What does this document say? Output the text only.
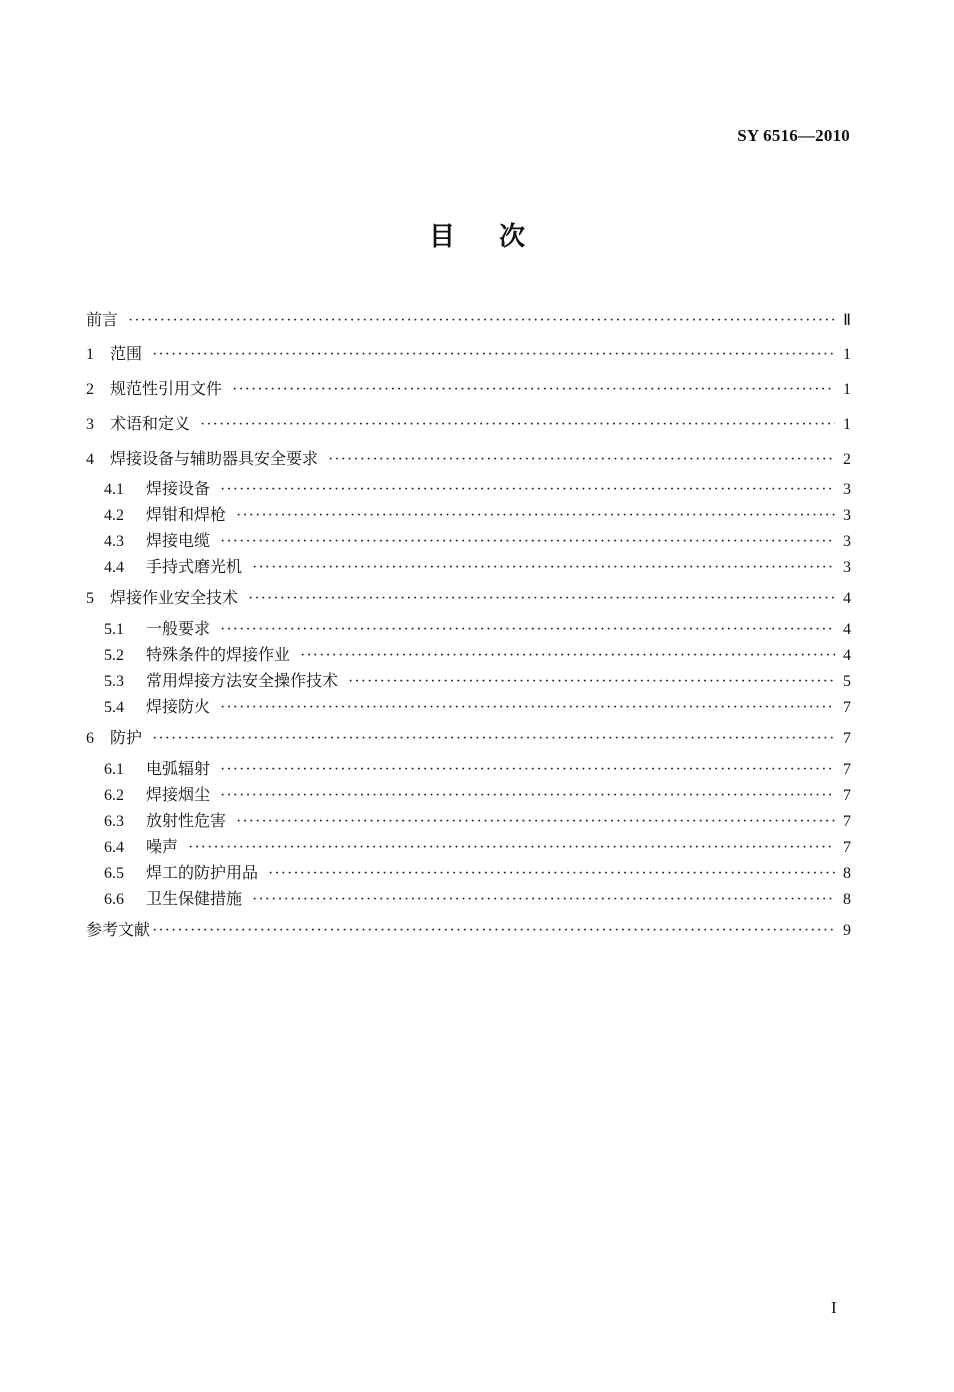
SY 6516—2010
目次
前言 ·····	Ⅱ
1	范围 ·····	1
2	规范性引用文件 ·····	1
3	术语和定义 ·····	1
4	焊接设备与辅助器具安全要求 ·····	2
4.1	焊接设备 ·····	3
4.2	焊钳和焊枪 ·····	3
4.3	焊接电缆 ·····	3
4.4	手持式磨光机 ·····	3
5	焊接作业安全技术 ·····	4
5.1	一般要求 ·····	4
5.2	特殊条件的焊接作业 ·····	4
5.3	常用焊接方法安全操作技术 ·····	5
5.4	焊接防火 ·····	7
6	防护 ·····	7
6.1	电弧辐射 ·····	7
6.2	焊接烟尘 ·····	7
6.3	放射性危害 ·····	7
6.4	噪声 ·····	7
6.5	焊工的防护用品 ·····	8
6.6	卫生保健措施 ·····	8
参考文献 ·····	9
I
